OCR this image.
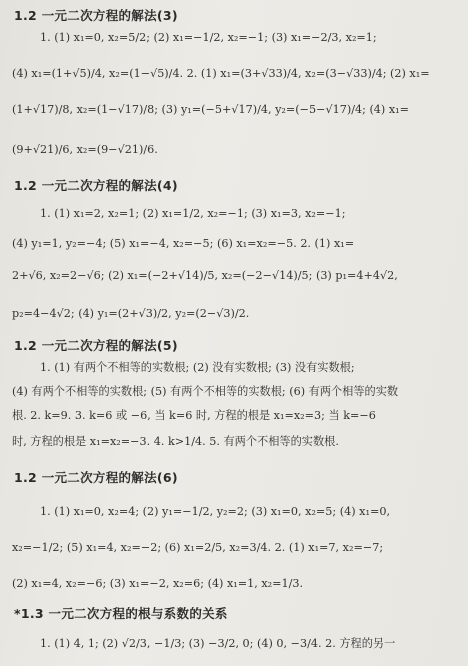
1.2 一元二次方程的解法(3)
1. (1) x₁=0, x₂=5/2; (2) x₁=−1/2, x₂=−1; (3) x₁=−2/3, x₂=1;
(4) x₁=(1+√5)/4, x₂=(1−√5)/4. 2. (1) x₁=(3+√33)/4, x₂=(3−√33)/4; (2) x₁=
(1+√17)/8, x₂=(1−√17)/8; (3) y₁=(−5+√17)/4, y₂=(−5−√17)/4; (4) x₁=
(9+√21)/6, x₂=(9−√21)/6.
1.2 一元二次方程的解法(4)
1. (1) x₁=2, x₂=1; (2) x₁=1/2, x₂=−1; (3) x₁=3, x₂=−1;
(4) y₁=1, y₂=−4; (5) x₁=−4, x₂=−5; (6) x₁=x₂=−5. 2. (1) x₁=
2+√6, x₂=2−√6; (2) x₁=(−2+√14)/5, x₂=(−2−√14)/5; (3) p₁=4+4√2,
p₂=4−4√2; (4) y₁=(2+√3)/2, y₂=(2−√3)/2.
1.2 一元二次方程的解法(5)
1. (1) 有两个不相等的实数根; (2) 没有实数根; (3) 没有实数根;
(4) 有两个不相等的实数根; (5) 有两个不相等的实数根; (6) 有两个相等的实数
根. 2. k=9. 3. k=6 或 −6, 当 k=6 时, 方程的根是 x₁=x₂=3; 当 k=−6
时, 方程的根是 x₁=x₂=−3. 4. k>1/4. 5. 有两个不相等的实数根.
1.2 一元二次方程的解法(6)
1. (1) x₁=0, x₂=4; (2) y₁=−1/2, y₂=2; (3) x₁=0, x₂=5; (4) x₁=0,
x₂=−1/2; (5) x₁=4, x₂=−2; (6) x₁=2/5, x₂=3/4. 2. (1) x₁=7, x₂=−7;
(2) x₁=4, x₂=−6; (3) x₁=−2, x₂=6; (4) x₁=1, x₂=1/3.
*1.3 一元二次方程的根与系数的关系
1. (1) 4, 1; (2) √2/3, −1/3; (3) −3/2, 0; (4) 0, −3/4. 2. 方程的另一
